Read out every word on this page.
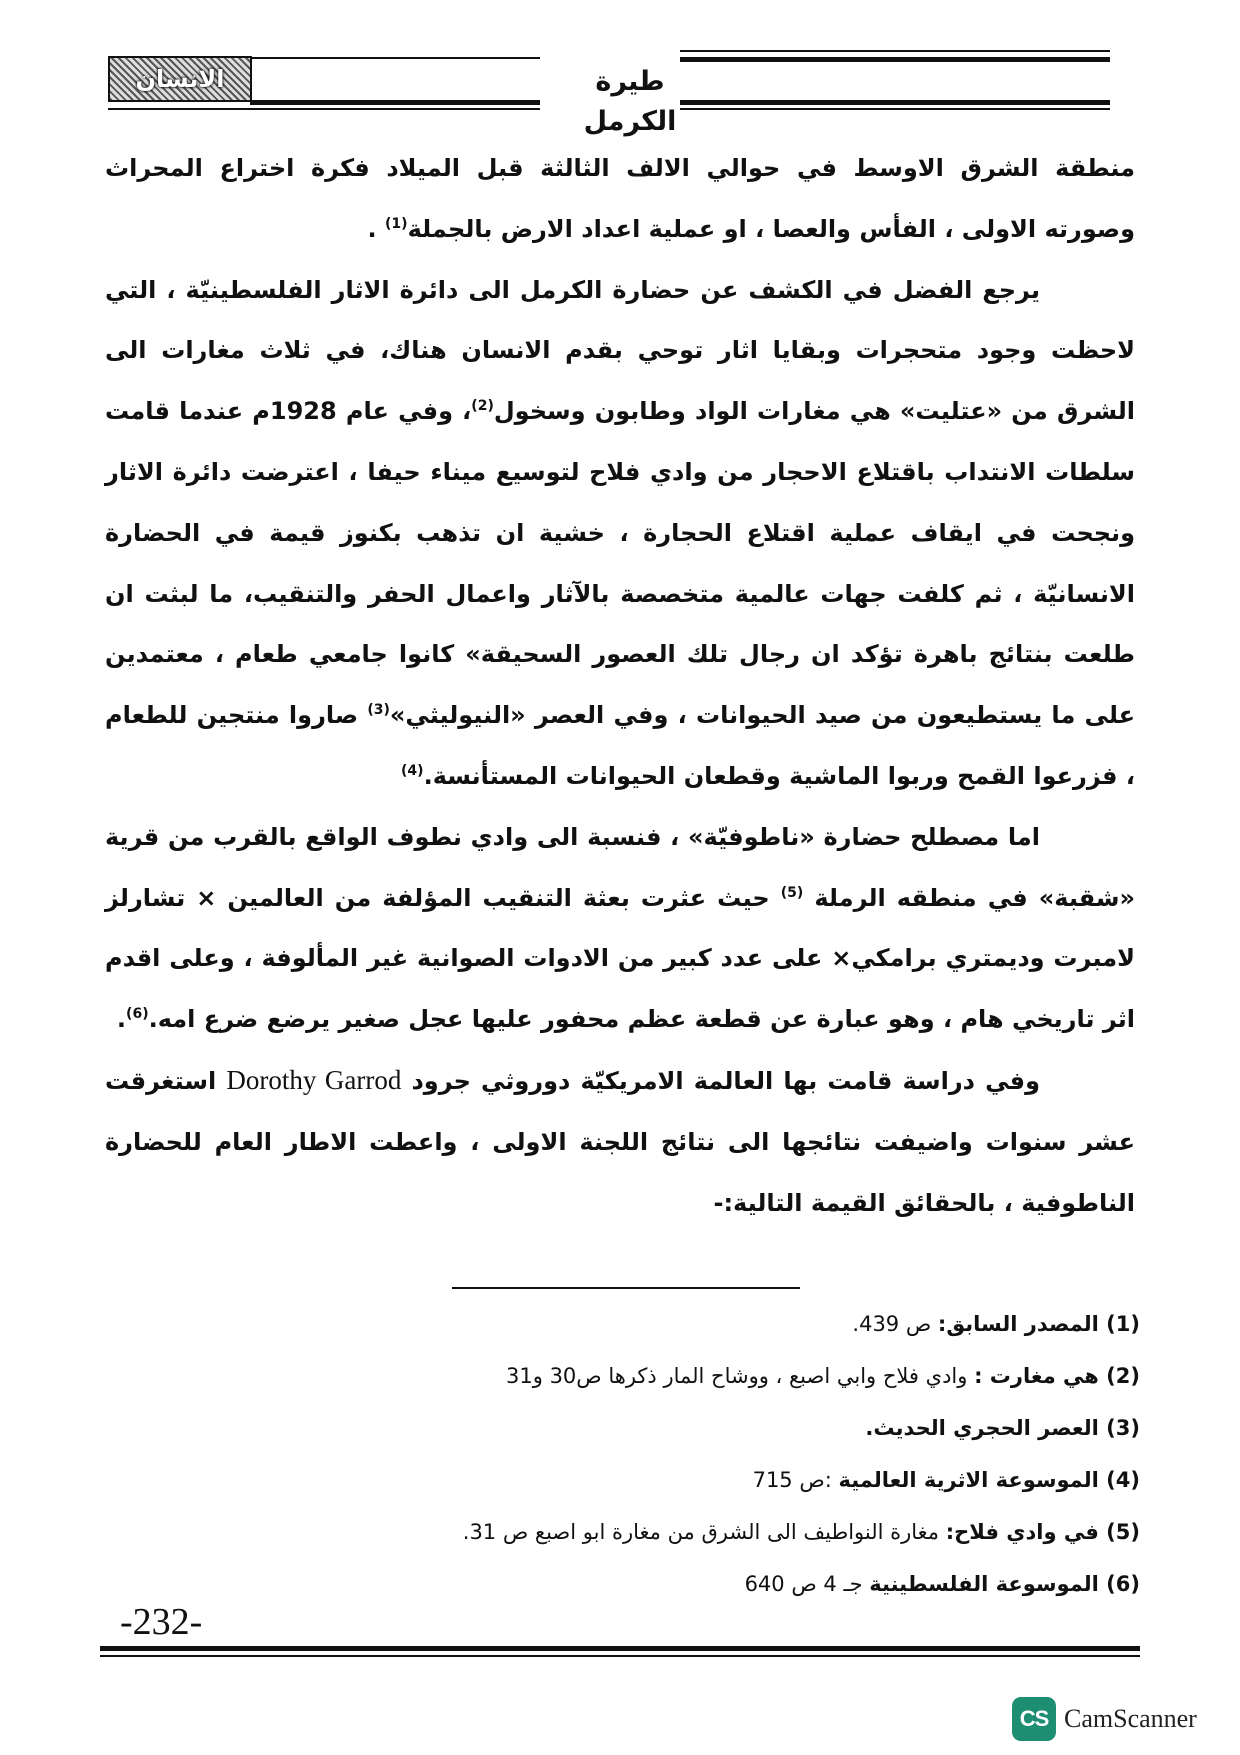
طيرة الكرمل
الانسان

منطقة الشرق الاوسط في حوالي الالف الثالثة قبل الميلاد فكرة اختراع المحراث وصورته الاولى ، الفأس والعصا ، او عملية اعداد الارض بالجملة$^{(1)}$ .

يرجع الفضل في الكشف عن حضارة الكرمل الى دائرة الاثار الفلسطينيّة ، التي لاحظت وجود متحجرات وبقايا اثار توحي بقدم الانسان هناك، في ثلاث مغارات الى الشرق من «عتليت» هي مغارات الواد وطابون وسخول$^{(2)}$، وفي عام 1928م عندما قامت سلطات الانتداب باقتلاع الاحجار من وادي فلاح لتوسيع ميناء حيفا ، اعترضت دائرة الاثار ونجحت في ايقاف عملية اقتلاع الحجارة ، خشية ان تذهب بكنوز قيمة في الحضارة الانسانيّة ، ثم كلفت جهات عالمية متخصصة بالآثار واعمال الحفر والتنقيب، ما لبثت ان طلعت بنتائج باهرة تؤكد ان رجال تلك العصور السحيقة» كانوا جامعي طعام ، معتمدين على ما يستطيعون من صيد الحيوانات ، وفي العصر «النيوليثي»$^{(3)}$ صاروا منتجين للطعام ، فزرعوا القمح وربوا الماشية وقطعان الحيوانات المستأنسة.$^{(4)}$

اما مصطلح حضارة «ناطوفيّة» ، فنسبة الى وادي نطوف الواقع بالقرب من قرية «شقبة» في منطقه الرملة $^{(5)}$ حيث عثرت بعثة التنقيب المؤلفة من العالمين × تشارلز لامبرت وديمتري برامكي× على عدد كبير من الادوات الصوانية غير المألوفة ، وعلى اقدم اثر تاريخي هام ، وهو عبارة عن قطعة عظم محفور عليها عجل صغير يرضع ضرع امه.$^{(6)}$.

وفي دراسة قامت بها العالمة الامريكيّة دوروثي جرود Dorothy Garrod استغرقت عشر سنوات واضيفت نتائجها الى نتائج اللجنة الاولى ، واعطت الاطار العام للحضارة الناطوفية ، بالحقائق القيمة التالية:-

(1) المصدر السابق: ص 439.
(2) هي مغارت : وادي فلاح وابي اصبع ، ووشاح المار ذكرها ص30 و31
(3) العصر الحجري الحديث.
(4) الموسوعة الاثرية العالمية :ص 715
(5) في وادي فلاح: مغارة النواطيف الى الشرق من مغارة ابو اصبع ص 31.
(6) الموسوعة الفلسطينية جـ 4 ص 640
-232-
CS CamScanner
